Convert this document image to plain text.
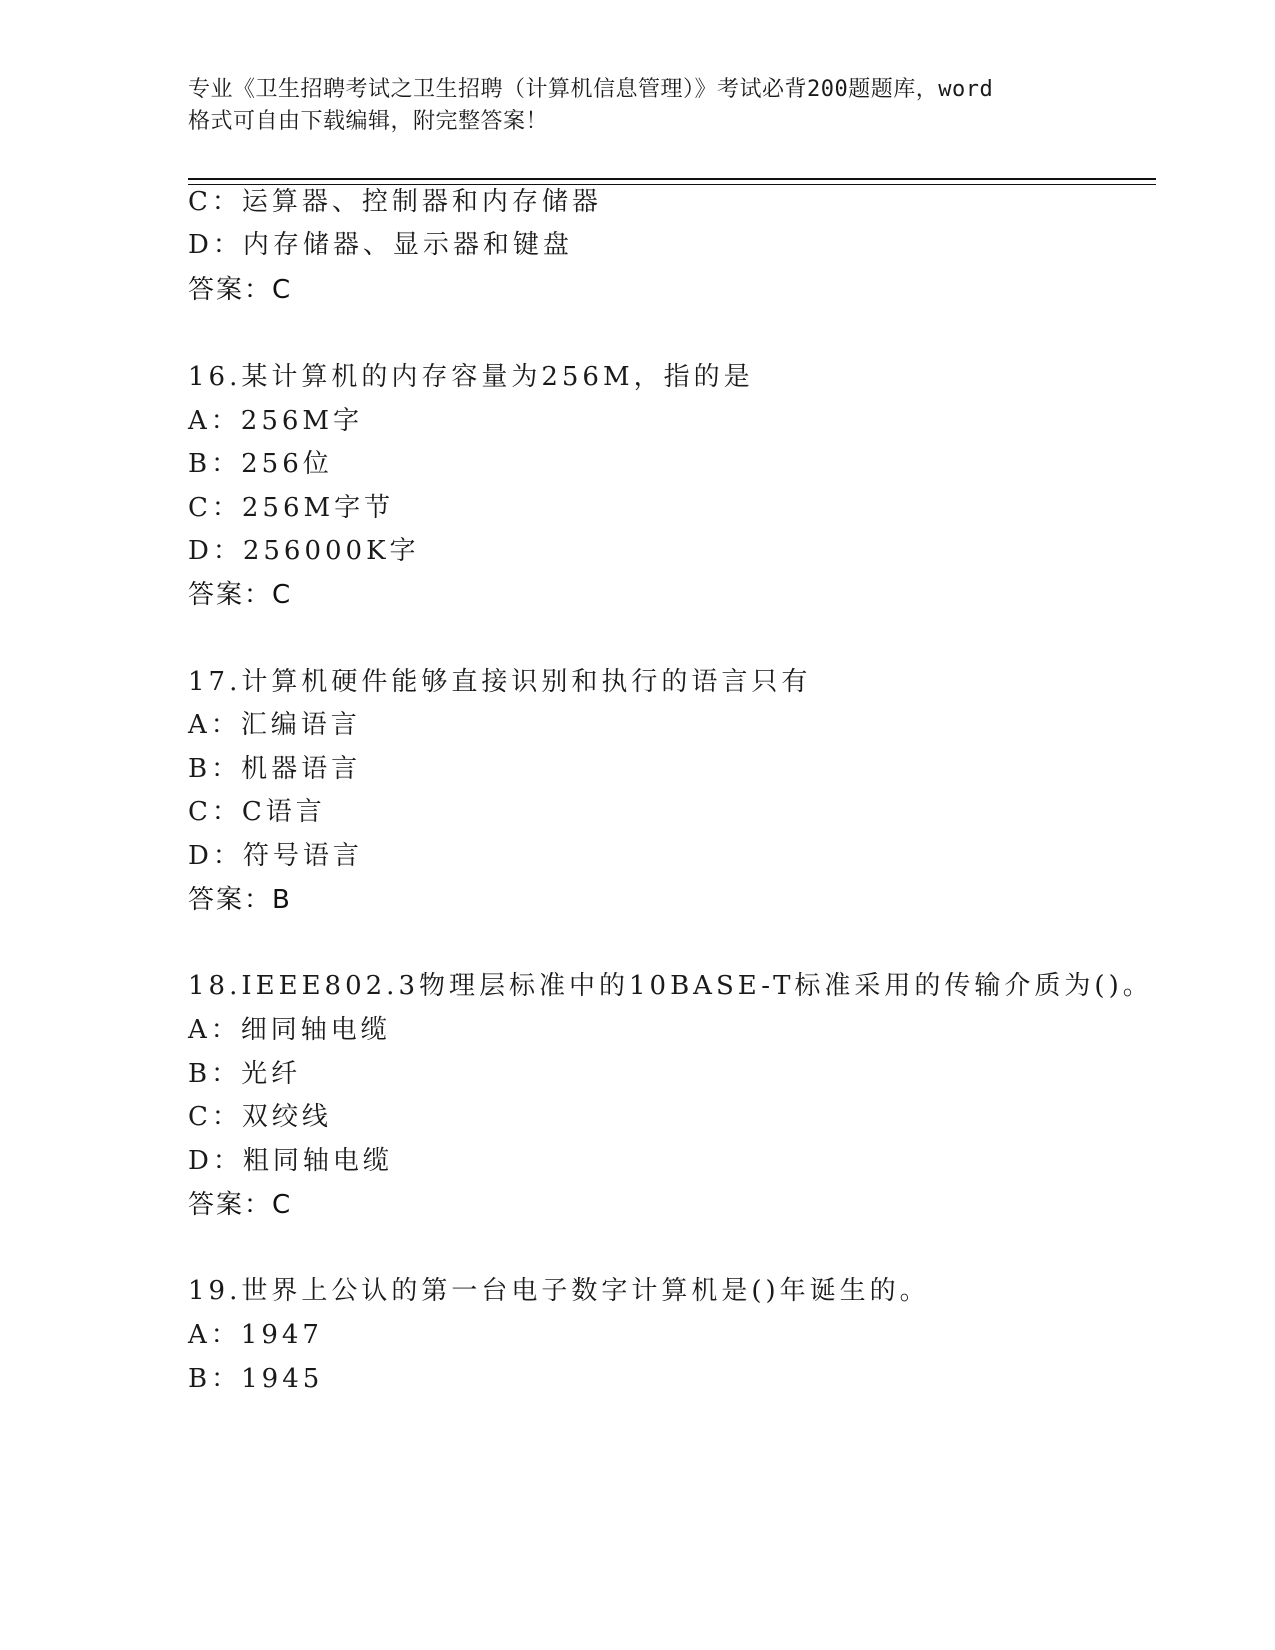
专业《卫生招聘考试之卫生招聘（计算机信息管理）》考试必背200题题库，word
格式可自由下载编辑，附完整答案！
C：运算器、控制器和内存储器
D：内存储器、显示器和键盘
答案：C
16.某计算机的内存容量为256M，指的是
A：256M字
B：256位
C：256M字节
D：256000K字
答案：C
17.计算机硬件能够直接识别和执行的语言只有
A：汇编语言
B：机器语言
C：C语言
D：符号语言
答案：B
18.IEEE802.3物理层标准中的10BASE-T标准采用的传输介质为()。
A：细同轴电缆
B：光纤
C：双绞线
D：粗同轴电缆
答案：C
19.世界上公认的第一台电子数字计算机是()年诞生的。
A：1947
B：1945
